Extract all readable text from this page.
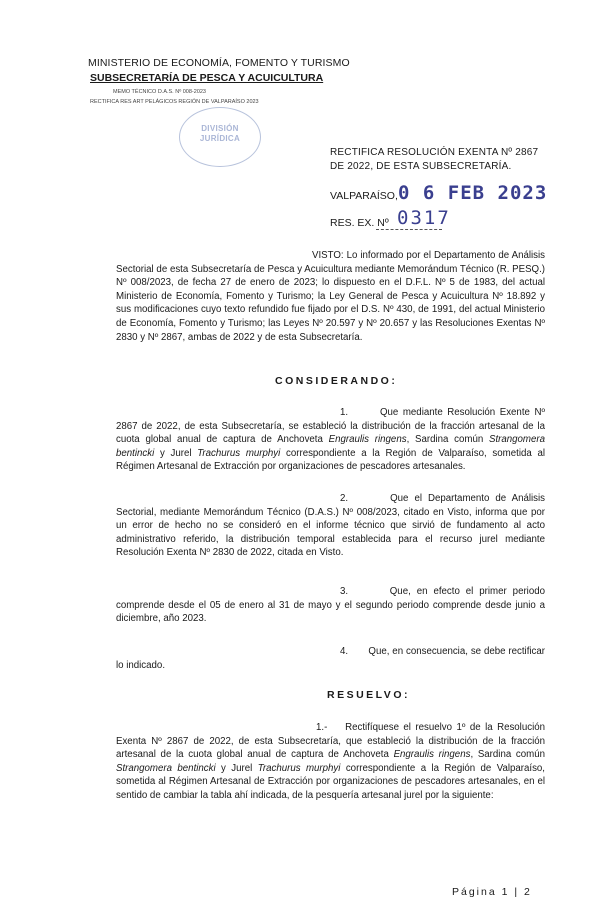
MINISTERIO DE ECONOMÍA, FOMENTO Y TURISMO
SUBSECRETARÍA DE PESCA Y ACUICULTURA
MEMO TÉCNICO D.A.S. Nº 008-2023
RECTIFICA RES ART PELÁGICOS REGIÓN DE VALPARAÍSO 2023
DIVISIÓN
JURÍDICA
RECTIFICA RESOLUCIÓN EXENTA Nº 2867 DE 2022, DE ESTA SUBSECRETARÍA.
VALPARAÍSO, 0 6 FEB 2023
RES. EX. Nº 0317
VISTO: Lo informado por el Departamento de Análisis Sectorial de esta Subsecretaría de Pesca y Acuicultura mediante Memorándum Técnico (R. PESQ.) Nº 008/2023, de fecha 27 de enero de 2023; lo dispuesto en el D.F.L. Nº 5 de 1983, del actual Ministerio de Economía, Fomento y Turismo; la Ley General de Pesca y Acuicultura Nº 18.892 y sus modificaciones cuyo texto refundido fue fijado por el D.S. Nº 430, de 1991, del actual Ministerio de Economía, Fomento y Turismo; las Leyes Nº 20.597 y Nº 20.657 y las Resoluciones Exentas Nº 2830 y Nº 2867, ambas de 2022 y de esta Subsecretaría.
CONSIDERANDO:
1.	Que mediante Resolución Exente Nº 2867 de 2022, de esta Subsecretaría, se estableció la distribución de la fracción artesanal de la cuota global anual de captura de Anchoveta Engraulis ringens, Sardina común Strangomera bentincki y Jurel Trachurus murphyi correspondiente a la Región de Valparaíso, sometida al Régimen Artesanal de Extracción por organizaciones de pescadores artesanales.
2.	Que el Departamento de Análisis Sectorial, mediante Memorándum Técnico (D.A.S.) Nº 008/2023, citado en Visto, informa que por un error de hecho no se consideró en el informe técnico que sirvió de fundamento al acto administrativo referido, la distribución temporal establecida para el recurso jurel mediante Resolución Exenta Nº 2830 de 2022, citada en Visto.
3.	Que, en efecto el primer periodo comprende desde el 05 de enero al 31 de mayo y el segundo periodo comprende desde junio a diciembre, año 2023.
4. Que, en consecuencia, se debe rectificar lo indicado.
RESUELVO:
1.- Rectifíquese el resuelvo 1º de la Resolución Exenta Nº 2867 de 2022, de esta Subsecretaría, que estableció la distribución de la fracción artesanal de la cuota global anual de captura de Anchoveta Engraulis ringens, Sardina común Strangomera bentincki y Jurel Trachurus murphyi correspondiente a la Región de Valparaíso, sometida al Régimen Artesanal de Extracción por organizaciones de pescadores artesanales, en el sentido de cambiar la tabla ahí indicada, de la pesquería artesanal jurel por la siguiente:
Página 1 | 2
